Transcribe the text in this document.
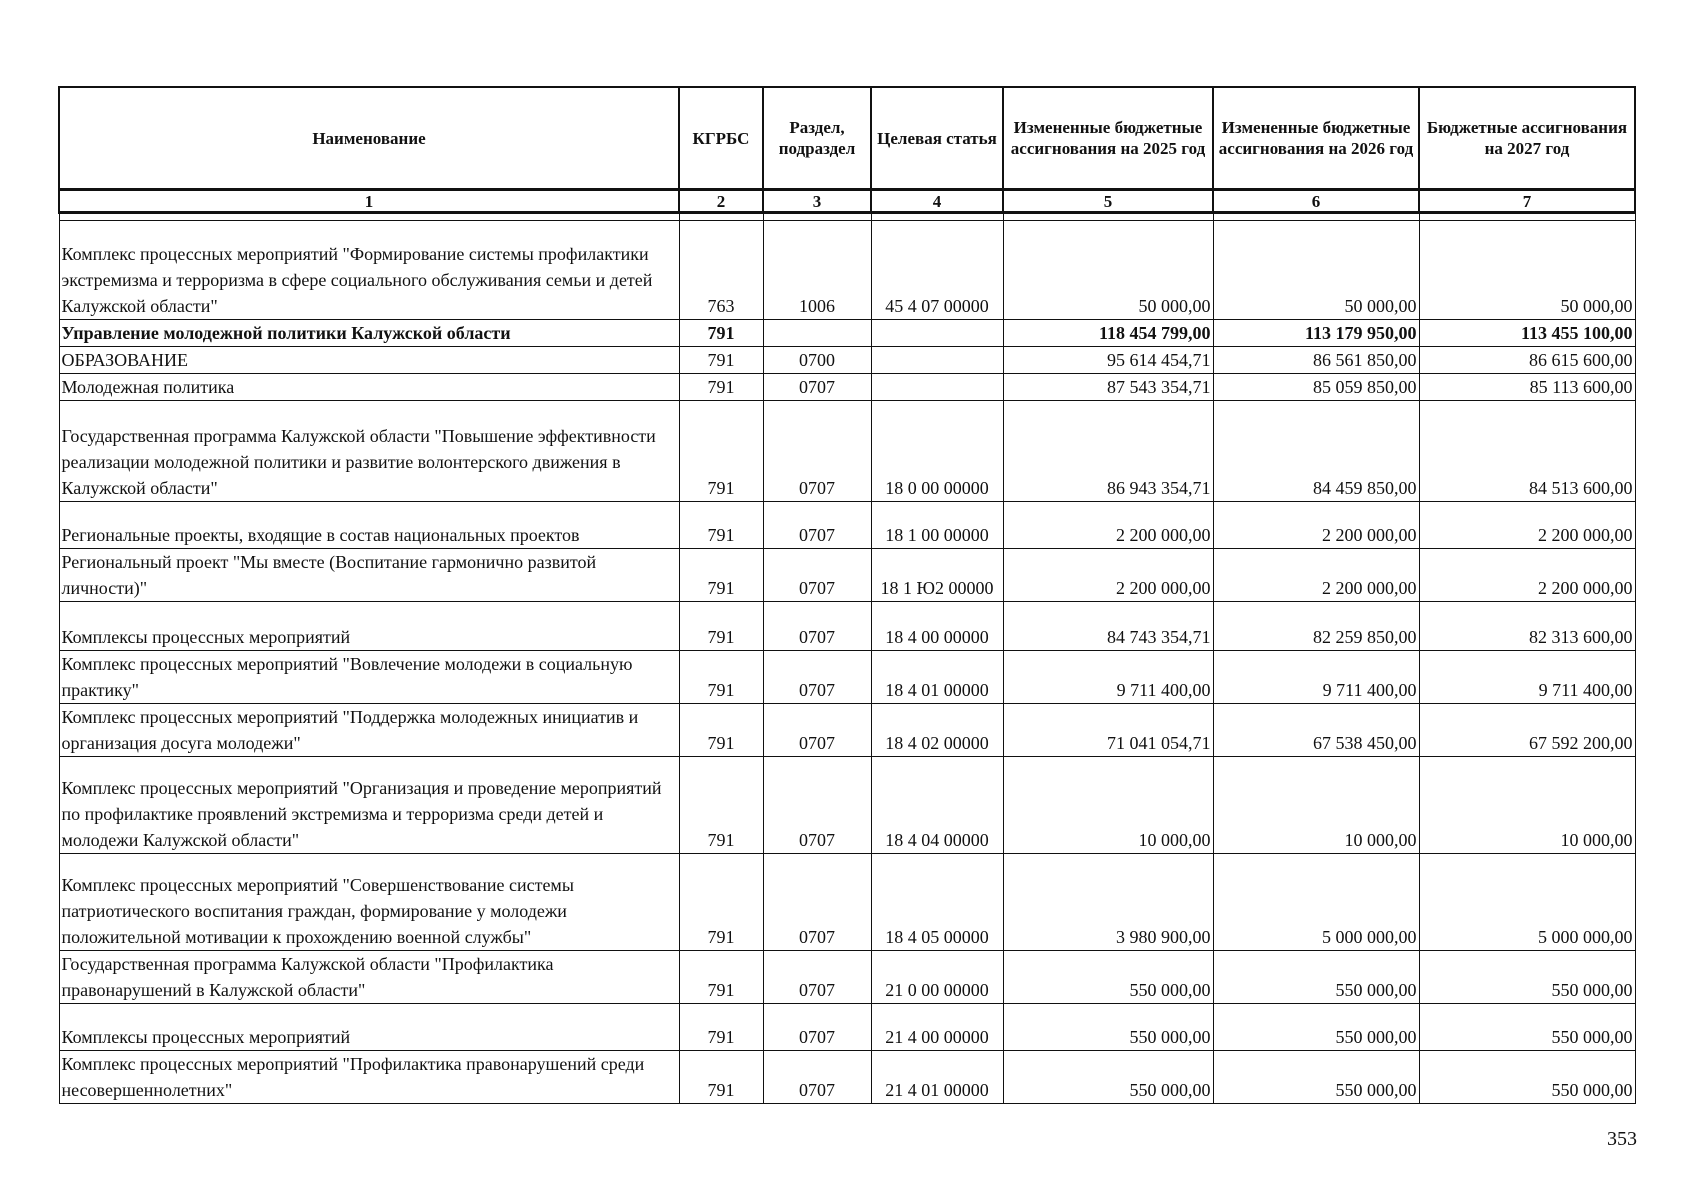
Наименование	КГРБС	Раздел, подраздел	Целевая статья	Измененные бюджетные ассигнования на 2025 год	Измененные бюджетные ассигнования на 2026 год	Бюджетные ассигнования на 2027 год
1	2	3	4	5	6	7

Комплекс процессных мероприятий "Формирование системы профилактики экстремизма и терроризма в сфере социального обслуживания семьи и детей Калужской области"	763	1006	45 4 07 00000	50 000,00	50 000,00	50 000,00
Управление молодежной политики Калужской области	791			118 454 799,00	113 179 950,00	113 455 100,00
ОБРАЗОВАНИЕ	791	0700		95 614 454,71	86 561 850,00	86 615 600,00
Молодежная политика	791	0707		87 543 354,71	85 059 850,00	85 113 600,00
Государственная программа Калужской области "Повышение эффективности реализации молодежной политики и развитие волонтерского движения в Калужской области"	791	0707	18 0 00 00000	86 943 354,71	84 459 850,00	84 513 600,00
Региональные проекты, входящие в состав национальных проектов	791	0707	18 1 00 00000	2 200 000,00	2 200 000,00	2 200 000,00
Региональный проект "Мы вместе (Воспитание гармонично развитой личности)"	791	0707	18 1 Ю2 00000	2 200 000,00	2 200 000,00	2 200 000,00
Комплексы процессных мероприятий	791	0707	18 4 00 00000	84 743 354,71	82 259 850,00	82 313 600,00
Комплекс процессных мероприятий "Вовлечение молодежи в социальную практику"	791	0707	18 4 01 00000	9 711 400,00	9 711 400,00	9 711 400,00
Комплекс процессных мероприятий "Поддержка молодежных инициатив и организация досуга молодежи"	791	0707	18 4 02 00000	71 041 054,71	67 538 450,00	67 592 200,00
Комплекс процессных мероприятий "Организация и проведение мероприятий по профилактике проявлений экстремизма и терроризма среди детей и молодежи Калужской области"	791	0707	18 4 04 00000	10 000,00	10 000,00	10 000,00
Комплекс процессных мероприятий "Совершенствование системы патриотического воспитания граждан, формирование у молодежи положительной мотивации к прохождению военной службы"	791	0707	18 4 05 00000	3 980 900,00	5 000 000,00	5 000 000,00
Государственная программа Калужской области "Профилактика правонарушений в Калужской области"	791	0707	21 0 00 00000	550 000,00	550 000,00	550 000,00
Комплексы процессных мероприятий	791	0707	21 4 00 00000	550 000,00	550 000,00	550 000,00
Комплекс процессных мероприятий "Профилактика правонарушений среди несовершеннолетних"	791	0707	21 4 01 00000	550 000,00	550 000,00	550 000,00
353
